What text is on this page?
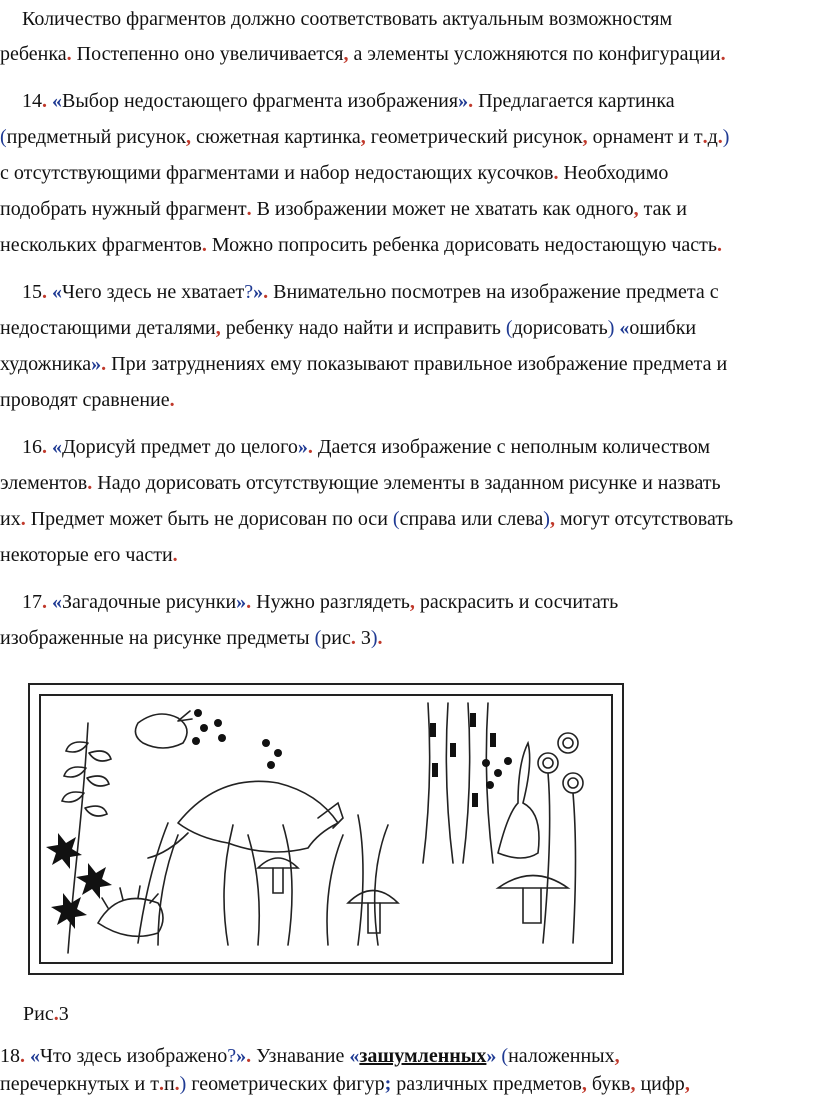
Количество фрагментов должно соответствовать актуальным возможностям
ребенка. Постепенно оно увеличивается, а элементы усложняются по конфигурации.
14. «Выбор недостающего фрагмента изображения». Предлагается картинка
(предметный рисунок, сюжетная картинка, геометрический рисунок, орнамент и т.д.)
с отсутствующими фрагментами и набор недостающих кусочков. Необходимо
подобрать нужный фрагмент. В изображении может не хватать как одного, так и
нескольких фрагментов. Можно попросить ребенка дорисовать недостающую часть.
15. «Чего здесь не хватает?». Внимательно посмотрев на изображение предмета с
недостающими деталями, ребенку надо найти и исправить (дорисовать) «ошибки
художника». При затруднениях ему показывают правильное изображение предмета и
проводят сравнение.
16. «Дорисуй предмет до целого». Дается изображение с неполным количеством
элементов. Надо дорисовать отсутствующие элементы в заданном рисунке и назвать
их. Предмет может быть не дорисован по оси (справа или слева), могут отсутствовать
некоторые его части.
17. «Загадочные рисунки». Нужно разглядеть, раскрасить и сосчитать
изображенные на рисунке предметы (рис. 3).
Рис.3
18. «Что здесь изображено?». Узнавание «зашумленных» (наложенных,
перечеркнутых и т.п.) геометрических фигур; различных предметов, букв, цифр,
